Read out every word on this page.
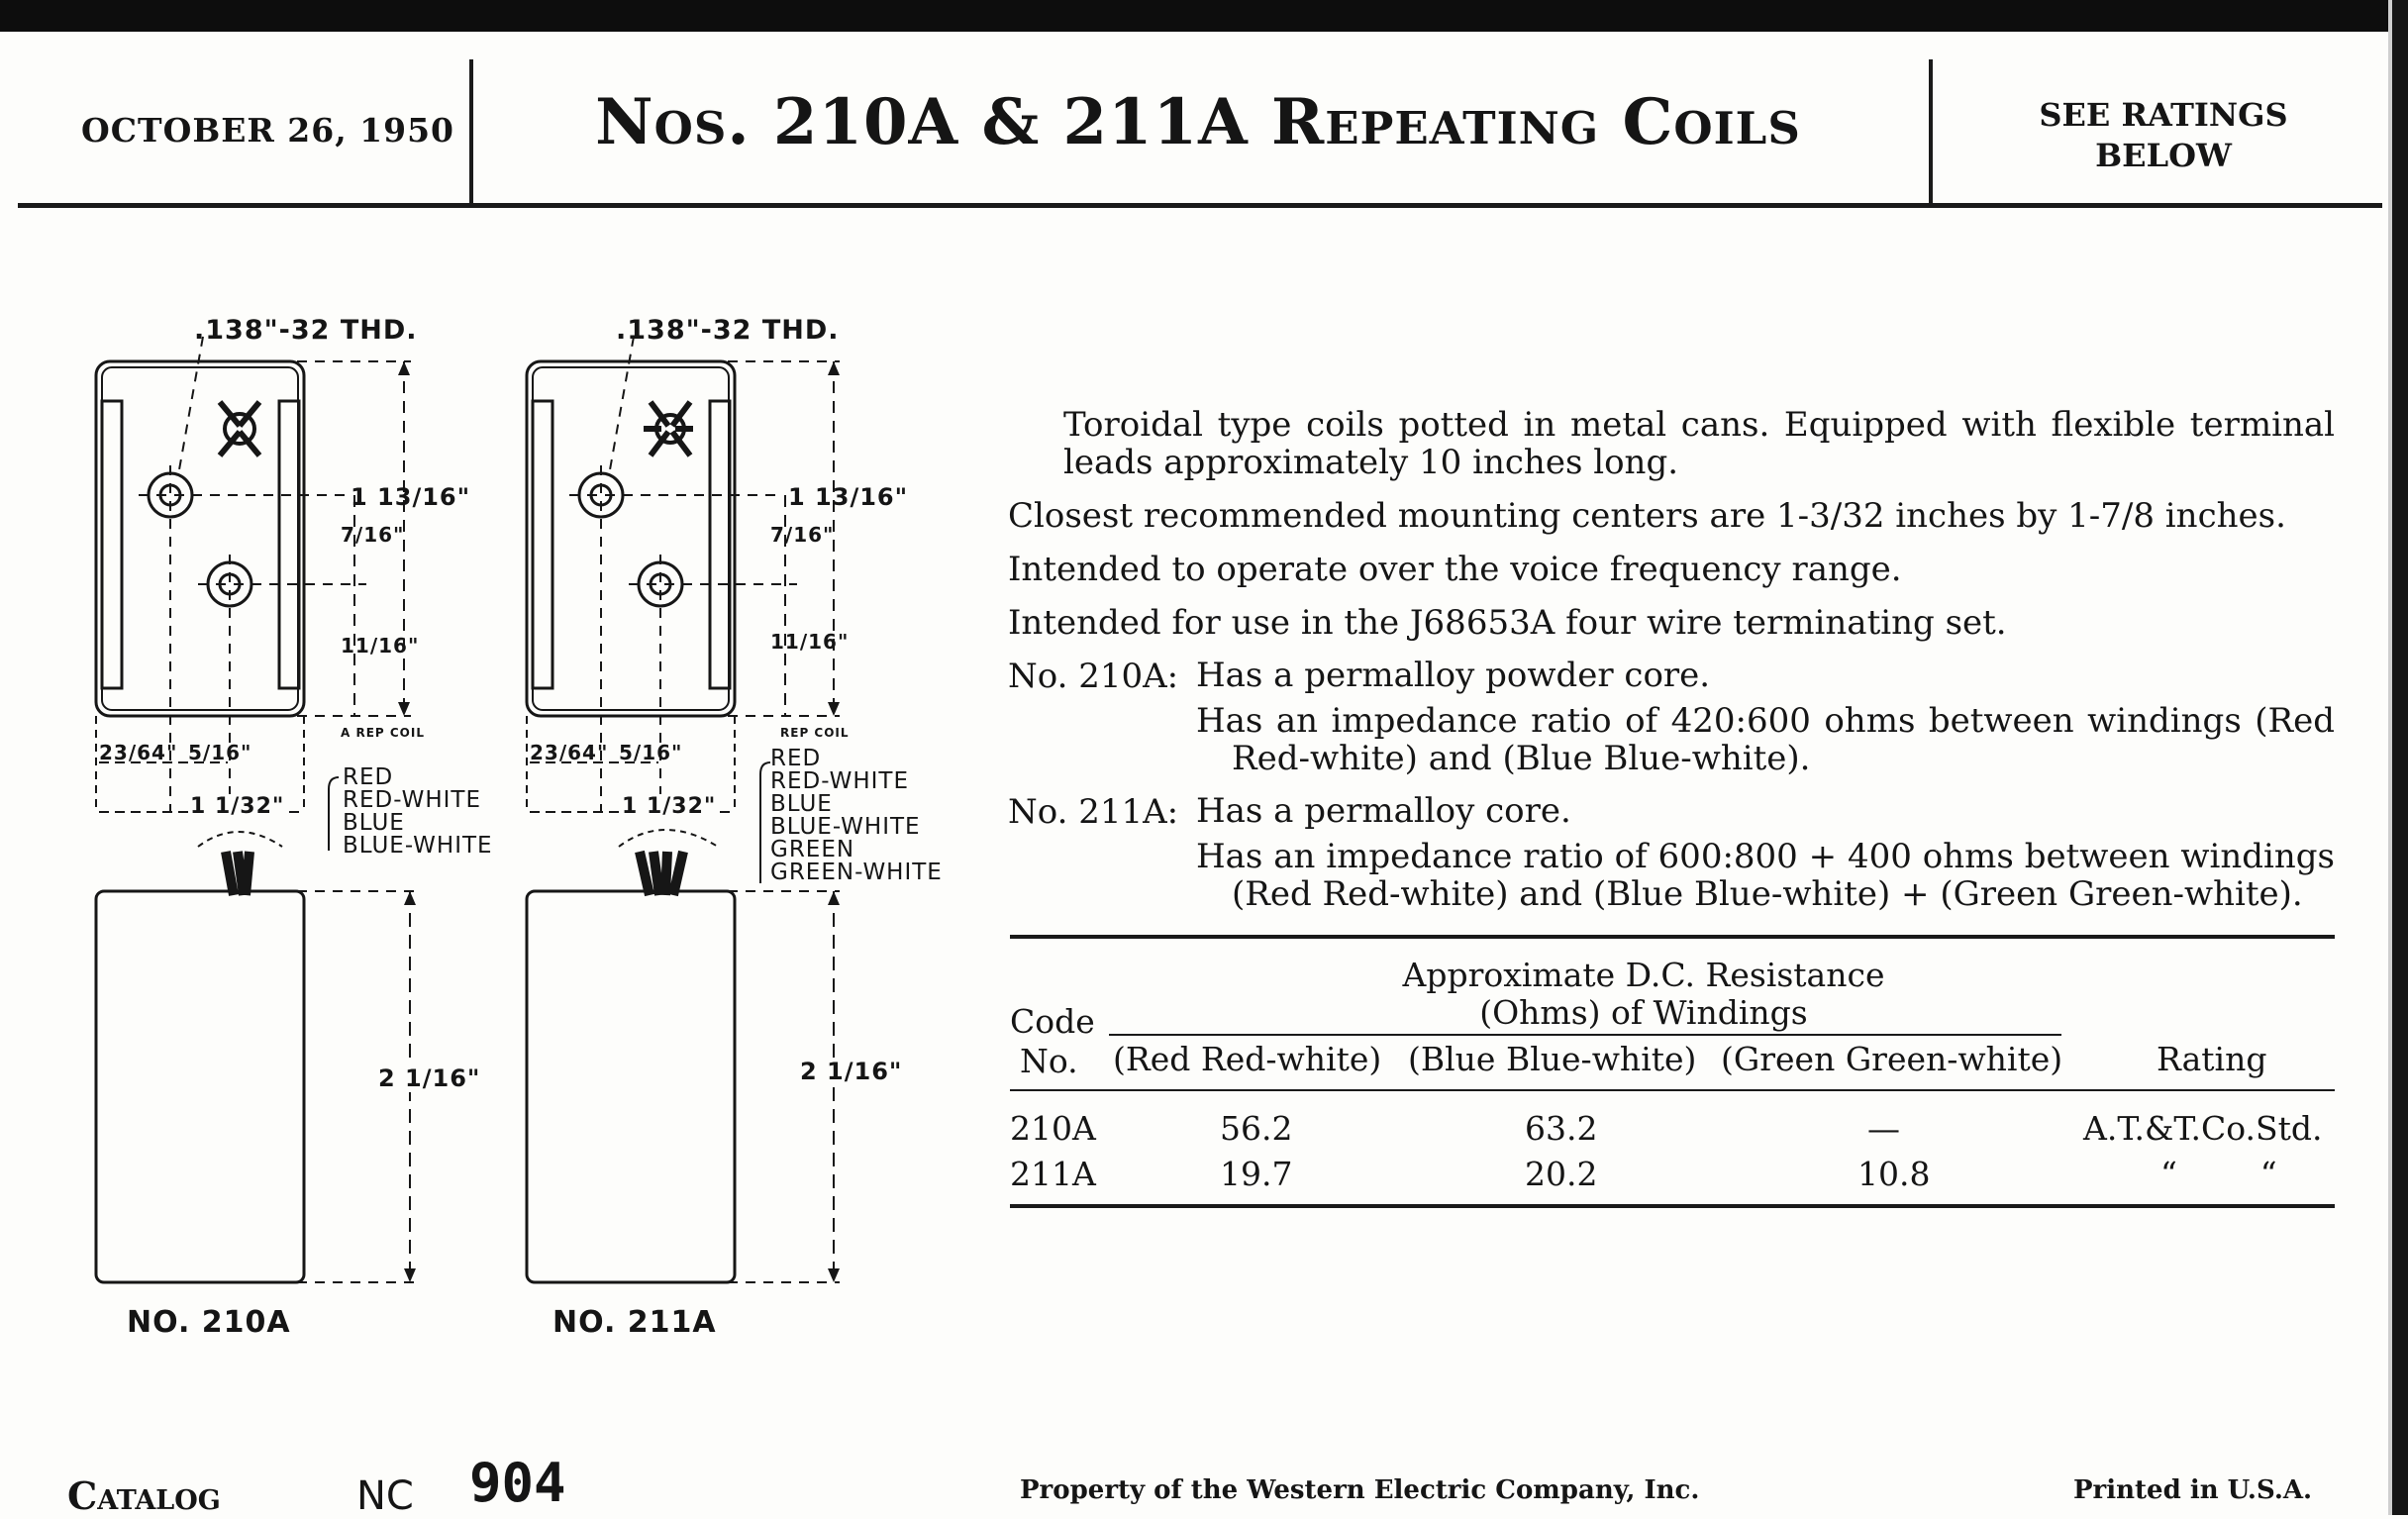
OCTOBER 26, 1950	Nos. 210A & 211A Repeating Coils	SEE RATINGS
BELOW
.138"-32 THD.	.138"-32 THD.
1 13/16"	1 13/16"
7/16"	7/16"
11/16"	11/16"
A REP COIL	REP COIL
23/64" 5/16"	23/64" 5/16"
1 1/32"	1 1/32"
RED
RED-WHITE
BLUE
BLUE-WHITE
RED
RED-WHITE
BLUE
BLUE-WHITE
GREEN
GREEN-WHITE
2 1/16"	2 1/16"
NO. 210A	NO. 211A

Toroidal type coils potted in metal cans. Equipped with flexible terminal leads approximately 10 inches long.

Closest recommended mounting centers are 1-3/32 inches by 1-7/8 inches.

Intended to operate over the voice frequency range.

Intended for use in the J68653A four wire terminating set.

No. 210A: Has a permalloy powder core.
Has an impedance ratio of 420:600 ohms between windings (Red Red-white) and (Blue Blue-white).
No. 211A: Has a permalloy core.
Has an impedance ratio of 600:800 + 400 ohms between windings (Red Red-white) and (Blue Blue-white) + (Green Green-white).
Approximate D.C. Resistance
(Ohms) of Windings
Code
No.	(Red Red-white) (Blue Blue-white) (Green Green-white)	Rating
210A	56.2	63.2	—	A.T.&T.Co.Std.
211A	19.7	20.2	10.8	“        “
Catalog	NC 904	Property of the Western Electric Company, Inc.	Printed in U.S.A.
